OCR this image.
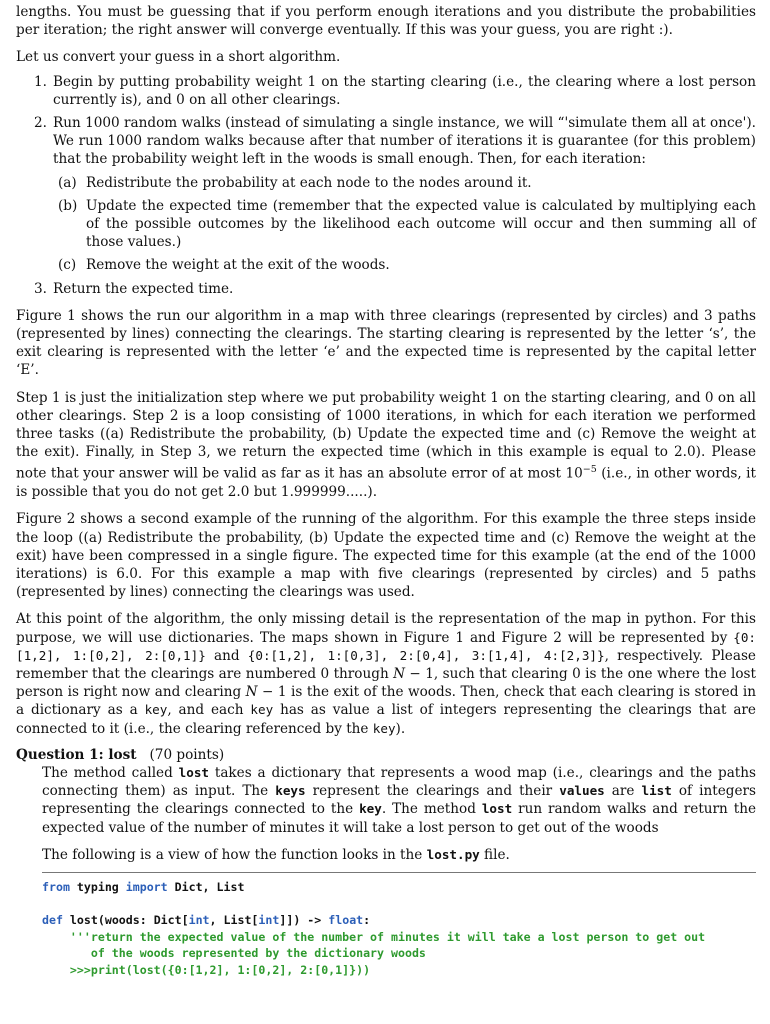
lengths. You must be guessing that if you perform enough iterations and you distribute the probabilities per iteration; the right answer will converge eventually. If this was your guess, you are right :).

Let us convert your guess in a short algorithm.

1. Begin by putting probability weight 1 on the starting clearing (i.e., the clearing where a lost person currently is), and 0 on all other clearings.
2. Run 1000 random walks (instead of simulating a single instance, we will “'simulate them all at once'). We run 1000 random walks because after that number of iterations it is guarantee (for this problem) that the probability weight left in the woods is small enough. Then, for each iteration:
(a) Redistribute the probability at each node to the nodes around it.
(b) Update the expected time (remember that the expected value is calculated by multiplying each of the possible outcomes by the likelihood each outcome will occur and then summing all of those values.)
(c) Remove the weight at the exit of the woods.
3. Return the expected time.

Figure 1 shows the run our algorithm in a map with three clearings (represented by circles) and 3 paths (represented by lines) connecting the clearings. The starting clearing is represented by the letter ‘s’, the exit clearing is represented with the letter ‘e’ and the expected time is represented by the capital letter ‘E’.

Step 1 is just the initialization step where we put probability weight 1 on the starting clearing, and 0 on all other clearings. Step 2 is a loop consisting of 1000 iterations, in which for each iteration we performed three tasks ((a) Redistribute the probability, (b) Update the expected time and (c) Remove the weight at the exit). Finally, in Step 3, we return the expected time (which in this example is equal to 2.0). Please note that your answer will be valid as far as it has an absolute error of at most $10^{-5}$ (i.e., in other words, it is possible that you do not get 2.0 but 1.999999.....).

Figure 2 shows a second example of the running of the algorithm. For this example the three steps inside the loop ((a) Redistribute the probability, (b) Update the expected time and (c) Remove the weight at the exit) have been compressed in a single figure. The expected time for this example (at the end of the 1000 iterations) is 6.0. For this example a map with five clearings (represented by circles) and 5 paths (represented by lines) connecting the clearings was used.

At this point of the algorithm, the only missing detail is the representation of the map in python. For this purpose, we will use dictionaries. The maps shown in Figure 1 and Figure 2 will be represented by {0:[1,2], 1:[0,2], 2:[0,1]} and {0:[1,2], 1:[0,3], 2:[0,4], 3:[1,4], 4:[2,3]}, respectively. Please remember that the clearings are numbered 0 through N − 1, such that clearing 0 is the one where the lost person is right now and clearing N − 1 is the exit of the woods. Then, check that each clearing is stored in a dictionary as a key, and each key has as value a list of integers representing the clearings that are connected to it (i.e., the clearing referenced by the key).

Question 1: lost (70 points)

The method called lost takes a dictionary that represents a wood map (i.e., clearings and the paths connecting them) as input. The keys represent the clearings and their values are list of integers representing the clearings connected to the key. The method lost run random walks and return the expected value of the number of minutes it will take a lost person to get out of the woods

The following is a view of how the function looks in the lost.py file.

from typing import Dict, List
def lost(woods: Dict[int, List[int]]) -> float:
'''return the expected value of the number of minutes it will take a lost person to get out
of the woods represented by the dictionary woods
>>>print(lost({0:[1,2], 1:[0,2], 2:[0,1]}))
